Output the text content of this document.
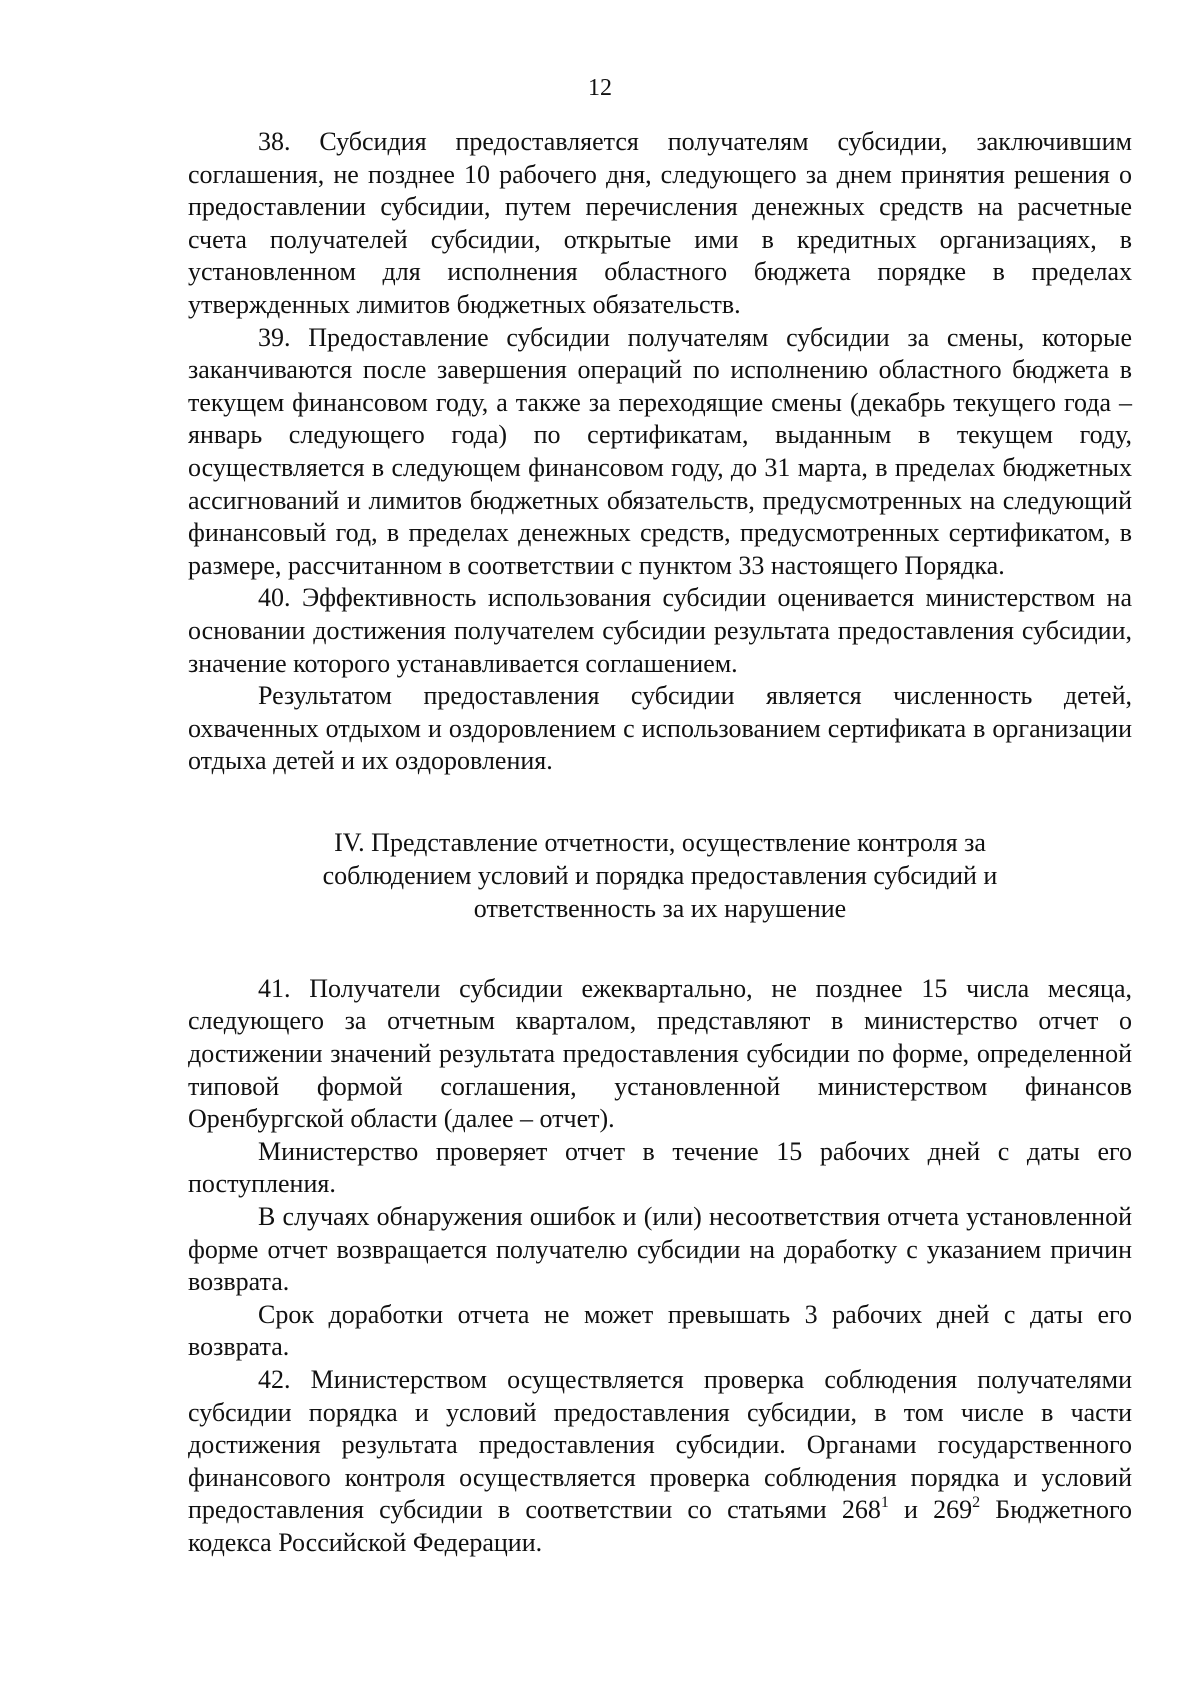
12

38. Субсидия предоставляется получателям субсидии, заключившим соглашения, не позднее 10 рабочего дня, следующего за днем принятия решения о предоставлении субсидии, путем перечисления денежных средств на расчетные счета получателей субсидии, открытые ими в кредитных организациях, в установленном для исполнения областного бюджета порядке в пределах утвержденных лимитов бюджетных обязательств.

39. Предоставление субсидии получателям субсидии за смены, которые заканчиваются после завершения операций по исполнению областного бюджета в текущем финансовом году, а также за переходящие смены (декабрь текущего года – январь следующего года) по сертификатам, выданным в текущем году, осуществляется в следующем финансовом году, до 31 марта, в пределах бюджетных ассигнований и лимитов бюджетных обязательств, предусмотренных на следующий финансовый год, в пределах денежных средств, предусмотренных сертификатом, в размере, рассчитанном в соответствии с пунктом 33 настоящего Порядка.

40. Эффективность использования субсидии оценивается министерством на основании достижения получателем субсидии результата предоставления субсидии, значение которого устанавливается соглашением.

Результатом предоставления субсидии является численность детей, охваченных отдыхом и оздоровлением с использованием сертификата в организации отдыха детей и их оздоровления.

IV. Представление отчетности, осуществление контроля за
соблюдением условий и порядка предоставления субсидий и
ответственность за их нарушение

41. Получатели субсидии ежеквартально, не позднее 15 числа месяца, следующего за отчетным кварталом, представляют в министерство отчет о достижении значений результата предоставления субсидии по форме, определенной типовой формой соглашения, установленной министерством финансов Оренбургской области (далее – отчет).

Министерство проверяет отчет в течение 15 рабочих дней с даты его поступления.

В случаях обнаружения ошибок и (или) несоответствия отчета установленной форме отчет возвращается получателю субсидии на доработку с указанием причин возврата.

Срок доработки отчета не может превышать 3 рабочих дней с даты его возврата.

42. Министерством осуществляется проверка соблюдения получателями субсидии порядка и условий предоставления субсидии, в том числе в части достижения результата предоставления субсидии. Органами государственного финансового контроля осуществляется проверка соблюдения порядка и условий предоставления субсидии в соответствии со статьями $268^1$ и $269^2$ Бюджетного кодекса Российской Федерации.
